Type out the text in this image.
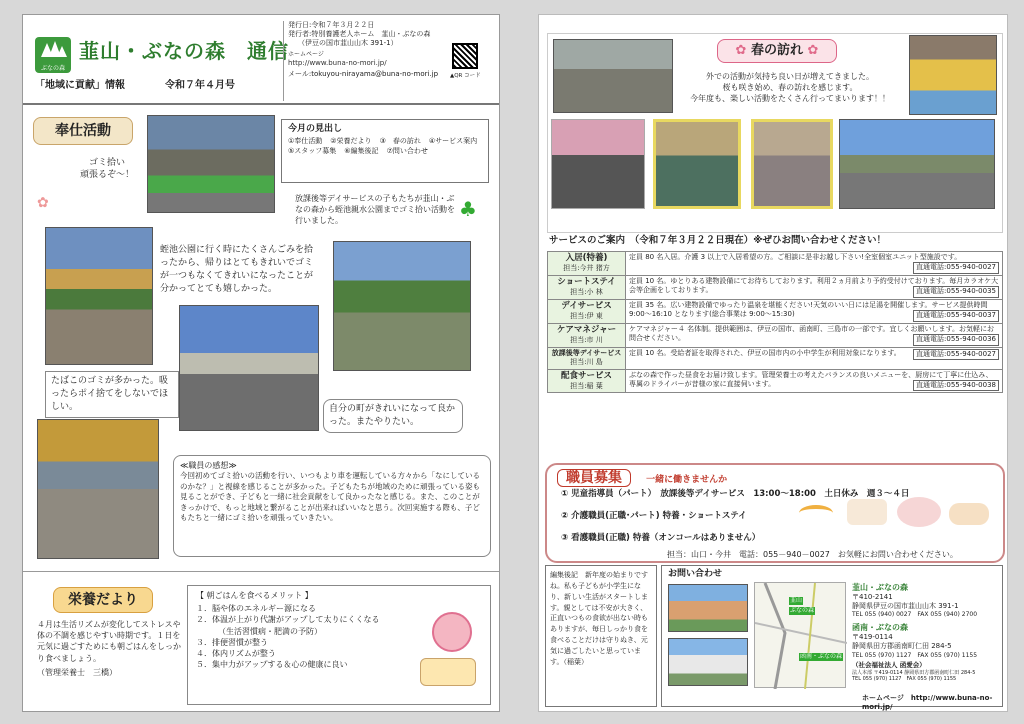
ぶなの森
韮山・ぶなの森　通信
「地域に貢献」情報	令和７年４月号
発行日:令和７年３月２２日
発行者:特別養護老人ホーム　韮山・ぶなの森
（伊豆の国市韮山山木 391-1）
ホームページ
http://www.buna-no-mori.jp/
メール:tokuyou-nirayama@buna-no-mori.jp	▲QR コード
奉仕活動
ゴミ拾い
頑張るぞ～！
✿
今月の見出し
①奉仕活動 ②栄養だより ③　春の訪れ ④サービス案内
⑤スタッフ募集 ⑥編集後記 ⑦問い合わせ
放課後等デイサービスの子もたちが韮山・ぶなの森から蛭池親水公園までゴミ拾い活動を行いました。	♣
蛭池公園に行く時にたくさんごみを拾ったから、帰りはとてもきれいでゴミが一つもなくてきれいになったことが分かってとても嬉しかった。
たばこのゴミが多かった。吸ったらポイ捨てをしないでほしい。	自分の町がきれいになって良かった。またやりたい。
≪職員の感想≫
今回初めてゴミ拾いの活動を行い、いつもより車を運転している方々から「なにしているのかな？」と視線を感じることが多かった。子どもたちが地域のために頑張っている姿も見ることができ、子どもと一緒に社会貢献をして良かったなと感じる。また、このことがきっかけで、もっと地域と繋がることが出来ればいいなと思う。次回実施する際も、子どもたちと一緒にゴミ拾いを頑張っていきたい。
栄養だより
４月は生活リズムが変化してストレスや体の不調を感じやすい時期です。１日を元気に過ごすためにも朝ごはんをしっかり食べましょう。
（管理栄養士　三橋）
【 朝ごはんを食べるメリット 】
１．脳や体のエネルギー源になる
２．体温が上がり代謝がアップして太りにくくなる
（生活習慣病・肥満の予防）
３．排便習慣が整う
４．体内リズムが整う
５．集中力がアップする＆心の健康に良い
✿ 春の訪れ ✿
外での活動が気持ち良い日が増えてきました。
桜も咲き始め、春の訪れを感じます。
今年度も、楽しい活動をたくさん行ってまいります！！
サービスのご案内　（令和７年３月２２日現在）※ぜひお問い合わせください！
入居(特養)
担当:今井 猪方	定員 80 名入居。介護 3 以上で入居希望の方。ご相談に是非お越し下さい!全室個室ユニット型施設です。
直通電話:055-940-0027

ショートステイ
担当:小 林	定員 10 名。ゆとりある建物設備にてお待ちしております。利用２ヵ月前より予約受付けております。毎月カラオケ大会等企画をしております。 直通電話:055-940-0035

デイサービス
担当:伊 東	定員 35 名。広い建物設備でゆったり温泉を堪能ください!天気のいい日には足湯を開催します。サービス提供時間 9:00～16:10 となります(総合事業は 9:00～15:30) 直通電話:055-940-0037

ケアマネジャー
担当:市 川	ケアマネジャー４ 名体制。提供範囲は、伊豆の国市、函南町、三島市の一部です。宜しくお願いします。お気軽にお問合せください。 直通電話:055-940-0036

放課後等デイサービス
担当:川 島	定員 10 名。受給者証を取得された、伊豆の国市内の小中学生が利用対象になります。 直通電話:055-940-0027

配食サービス
担当:稲 葉	ぶなの森で作った昼食をお届け致します。管理栄養士の考えたバランスの良いメニューを、厨房にて丁寧に仕込み、専属のドライバーが昔様の家に直接伺います。 直通電話:055-940-0038
職員募集	一緒に働きませんか
① 児童指導員（パート）　放課後等デイサービス　13:00～18:00　土日休み　週３～４日
② 介護職員(正職･パート) 特養・ショートステイ
③ 看護職員(正職) 特養（オンコールはありません）
担当：山口・今井　電話：055－940－0027　お気軽にお問い合わせください。
編集後記　新年度の始まりですね。私も子どもが小学生になり、新しい生活がスタートします。親としては不安が大きく、正直いつもの食欲が出ない時もありますが、毎日しっかり食を食べることだけは守りぬき、元気に過ごしたいと思っています。（稲葉）
お問い合わせ
韮山
ぶなの森
函南・ぶなの森
韮山・ぶなの森
〒410-2141
静岡県伊豆の国市韮山山木 391-1
TEL 055 (940) 0027　FAX 055 (940) 2700
函南・ぶなの森
〒419-0114
静岡県田方郡函南町仁田 284-5
TEL 055 (970) 1127　FAX 055 (970) 1155
（社会福祉法人 函愛会）
法人本部 〒419-0114 静岡県田方郡函南町仁田 284-5
TEL 055 (970) 1127　FAX 055 (970) 1155
ホームページ　http://www.buna-no-mori.jp/
